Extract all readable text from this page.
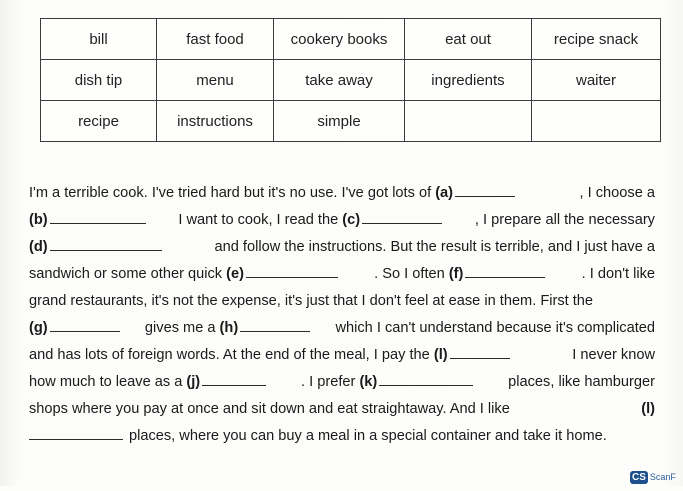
bill	fast food	cookery books	eat out	recipe snack
dish tip	menu	take away	ingredients	waiter
recipe	instructions	simple		
I'm a terrible cook. I've tried hard but it's no use. I've got lots of (a)	, I choose a
(b)	I want to cook, I read the (c)	, I prepare all the necessary
(d)	and follow the instructions. But the result is terrible, and I just have a
sandwich or some other quick (e)	. So I often (f)	. I don't like
grand restaurants, it's not the expense, it's just that I don't feel at ease in them. First the
(g)	gives me a (h)	which I can't understand because it's complicated
and has lots of foreign words. At the end of the meal, I pay the (l)	I never know
how much to leave as a (j)	. I prefer (k)	places, like hamburger
shops where you pay at once and sit down and eat straightaway. And I like	(l)
places, where you can buy a meal in a special container and take it home.
CS ScanF
